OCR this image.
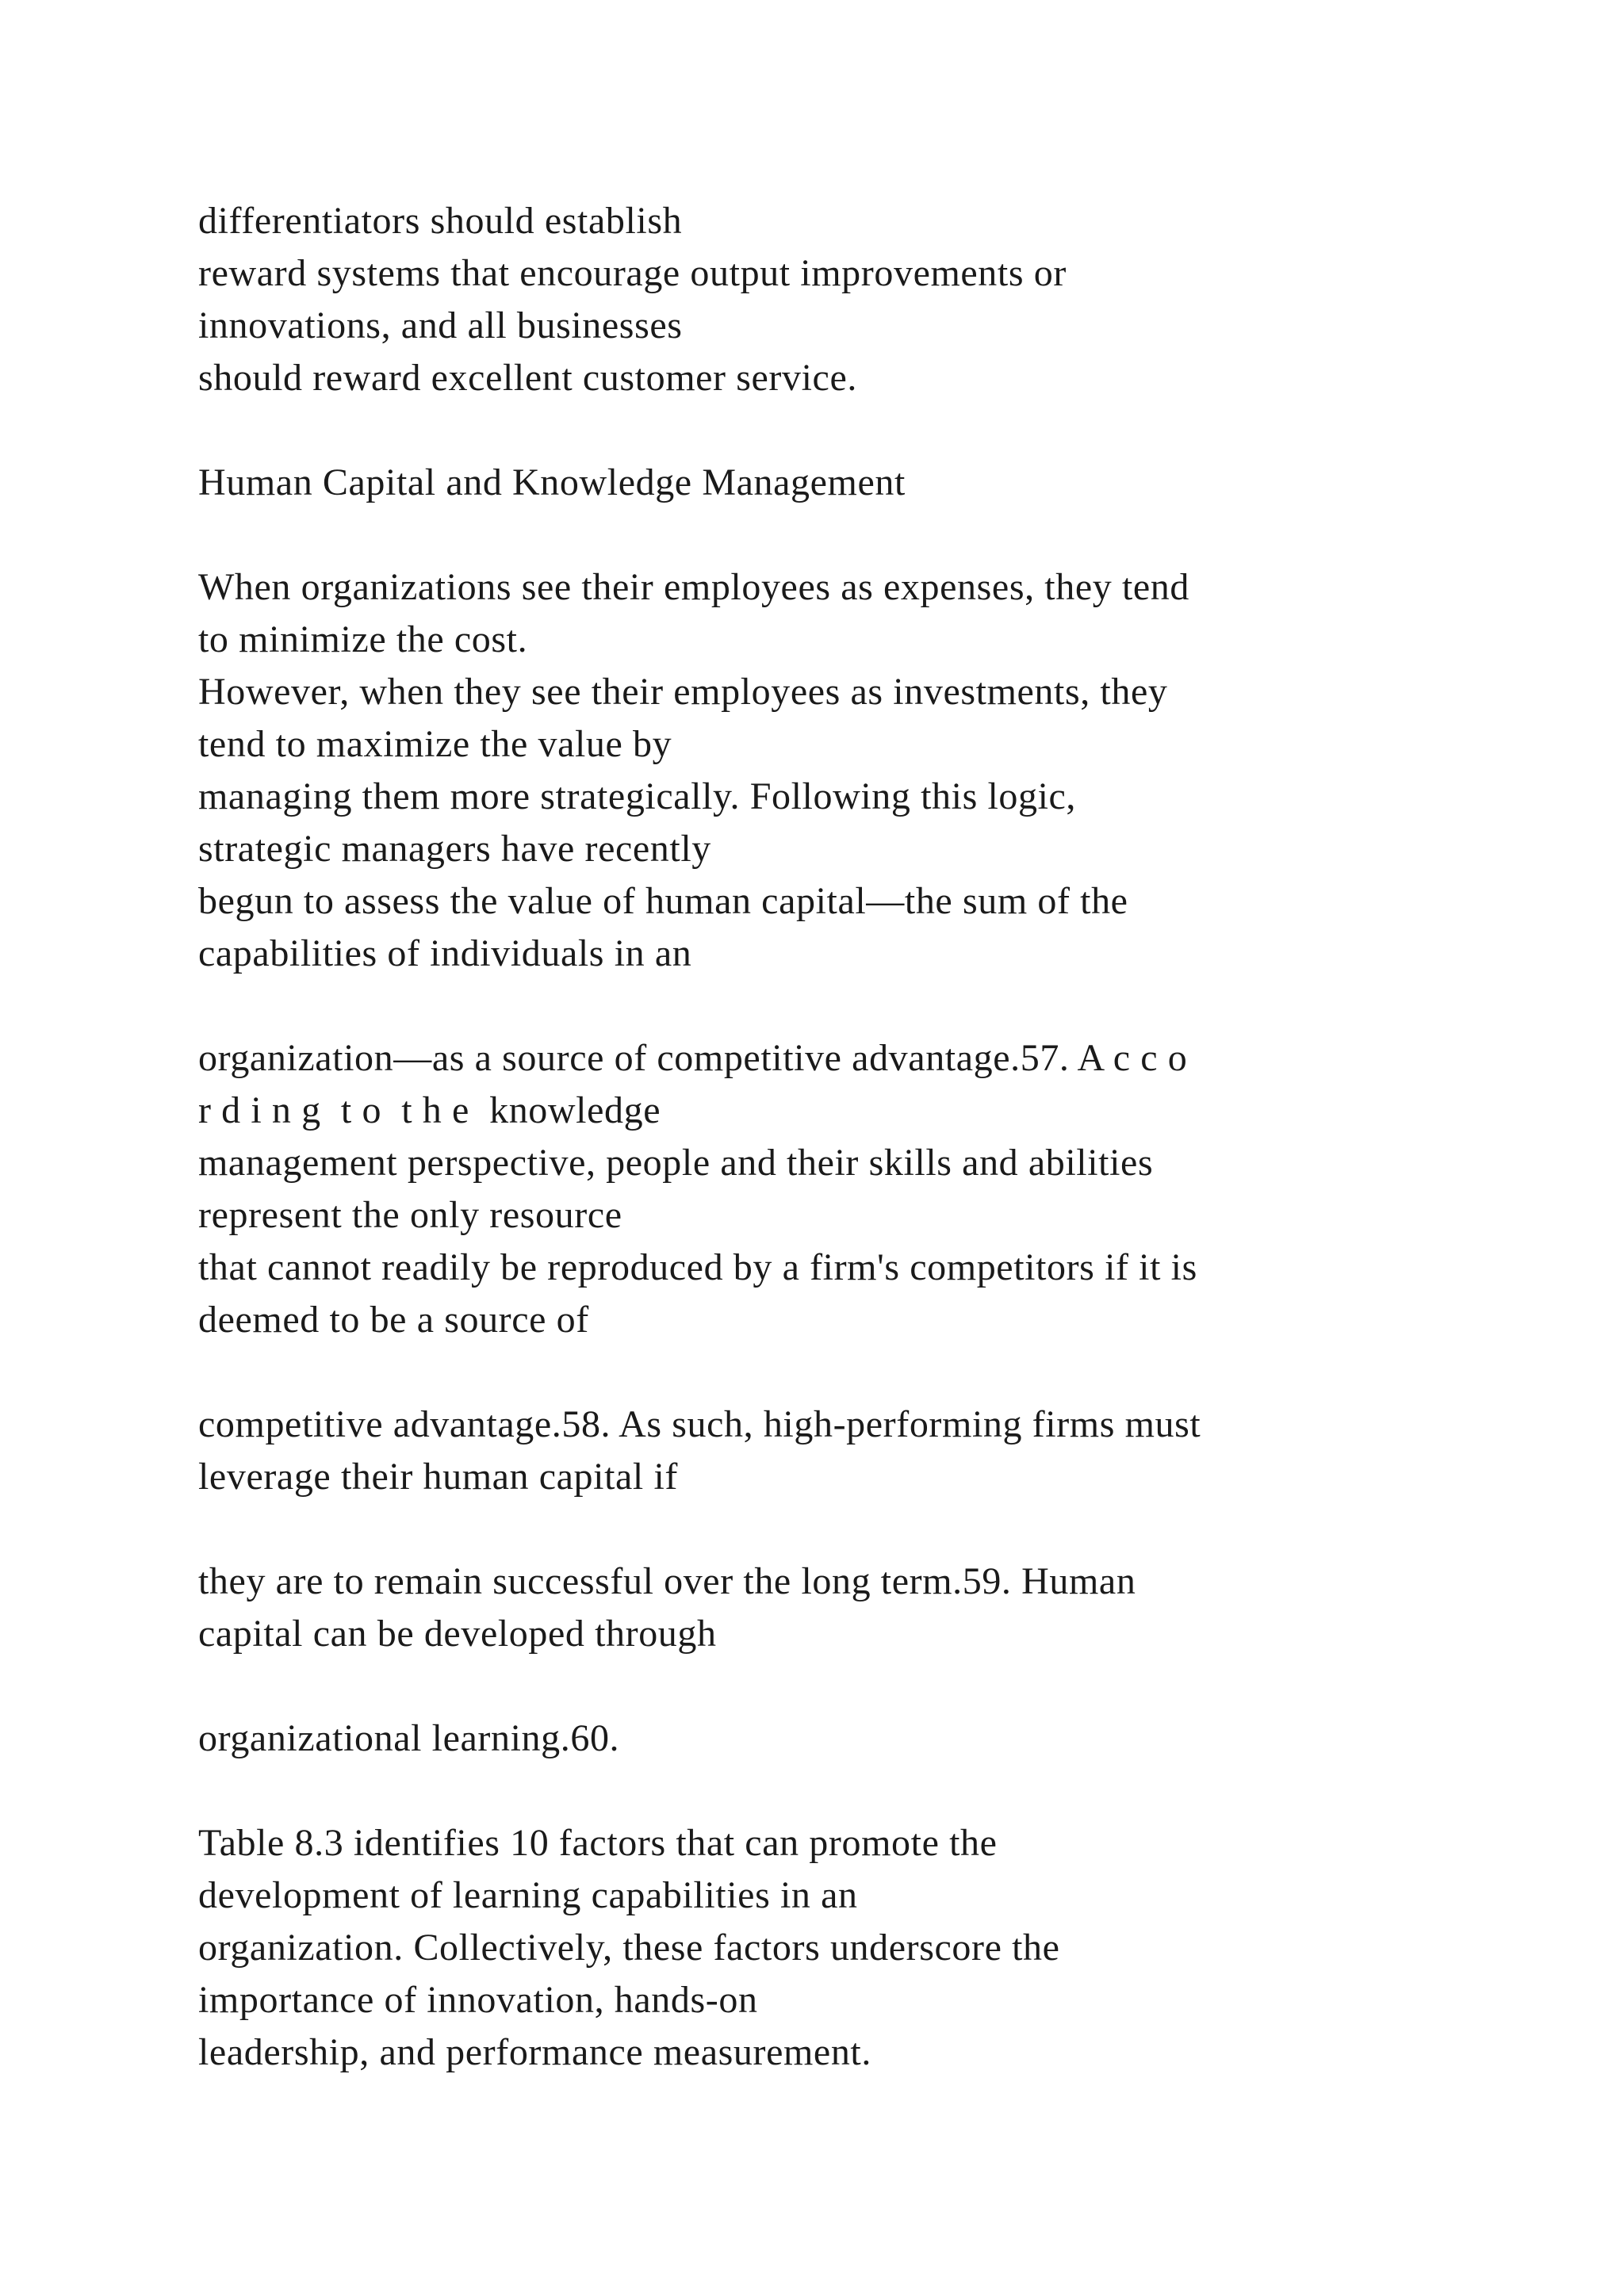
differentiators should establish

reward systems that encourage output improvements or

innovations, and all businesses

should reward excellent customer service.

Human Capital and Knowledge Management

When organizations see their employees as expenses, they tend

to minimize the cost.

However, when they see their employees as investments, they

tend to maximize the value by

managing them more strategically. Following this logic,

strategic managers have recently

begun to assess the value of human capital—the sum of the

capabilities of individuals in an

organization—as a source of competitive advantage.57. A c c o

r d i n g  t o  t h e  knowledge

management perspective, people and their skills and abilities

represent the only resource

that cannot readily be reproduced by a firm's competitors if it is

deemed to be a source of

competitive advantage.58. As such, high-performing firms must

leverage their human capital if

they are to remain successful over the long term.59. Human

capital can be developed through

organizational learning.60.

Table 8.3 identifies 10 factors that can promote the

development of learning capabilities in an

organization. Collectively, these factors underscore the

importance of innovation, hands-on

leadership, and performance measurement.
